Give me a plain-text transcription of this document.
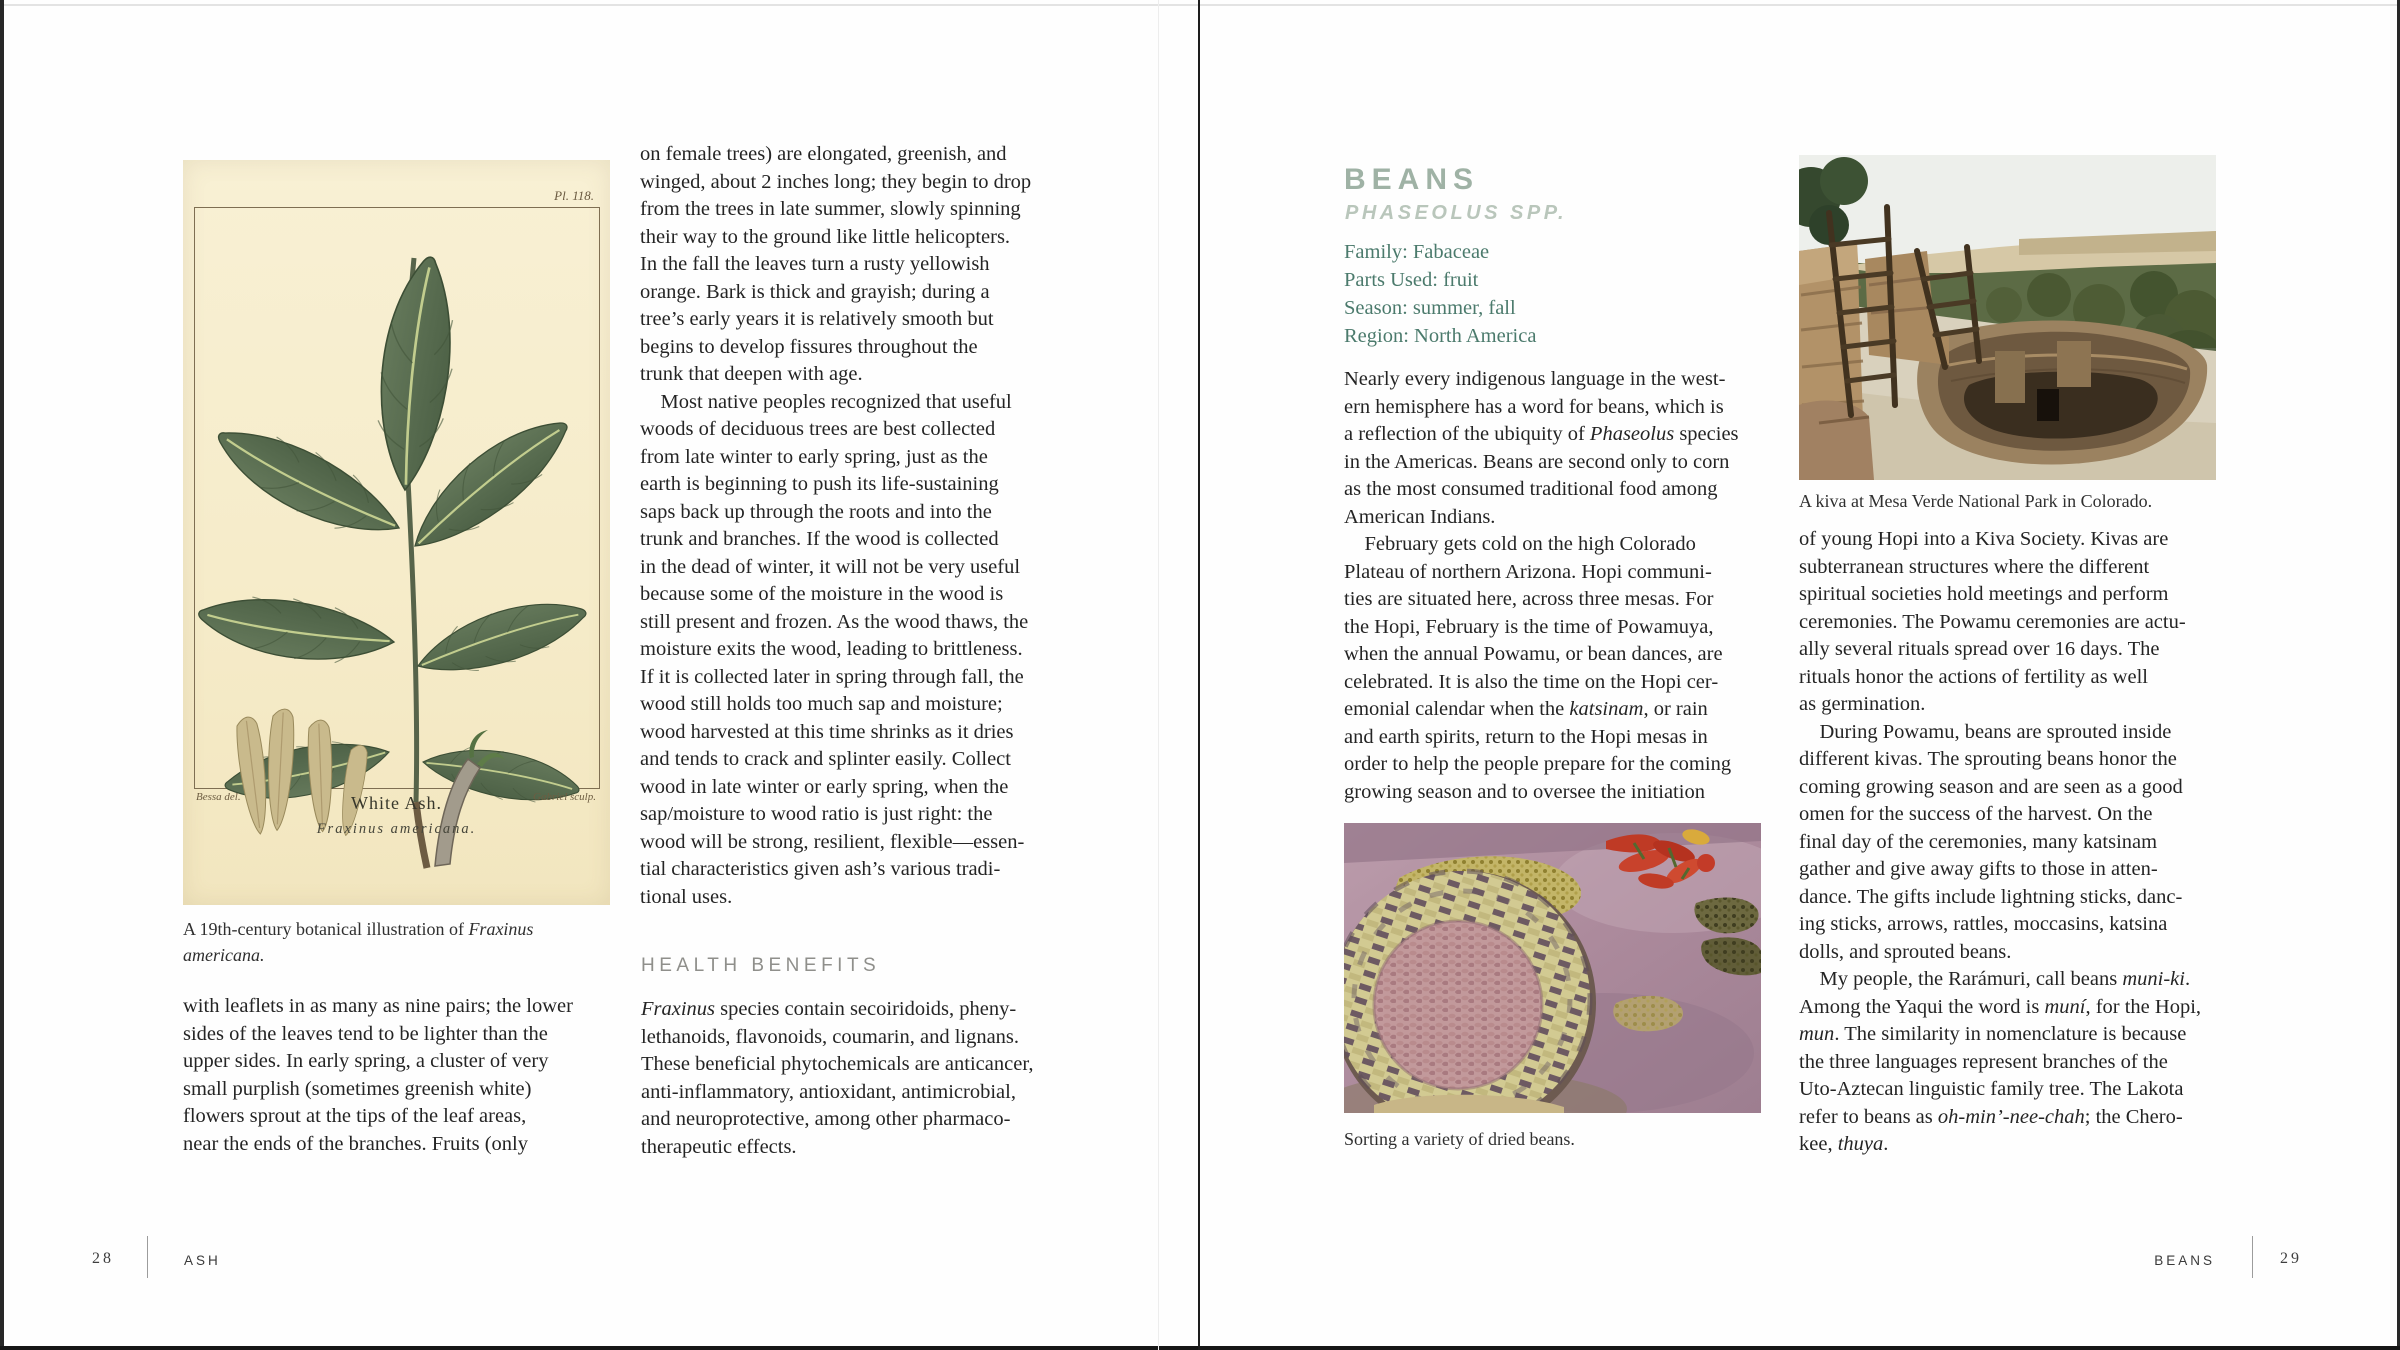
Pl. 118.
Bessa del.	Gabriel sculp.
White Ash.
Fraxinus americana.
A 19th-century botanical illustration of Fraxinus
americana.
with leaflets in as many as nine pairs; the lower
sides of the leaves tend to be lighter than the
upper sides. In early spring, a cluster of very
small purplish (sometimes greenish white)
flowers sprout at the tips of the leaf areas,
near the ends of the branches. Fruits (only
on female trees) are elongated, greenish, and
winged, about 2 inches long; they begin to drop
from the trees in late summer, slowly spinning
their way to the ground like little helicopters.
In the fall the leaves turn a rusty yellowish
orange. Bark is thick and grayish; during a
tree’s early years it is relatively smooth but
begins to develop fissures throughout the
trunk that deepen with age.
 Most native peoples recognized that useful
woods of deciduous trees are best collected
from late winter to early spring, just as the
earth is beginning to push its life-sustaining
saps back up through the roots and into the
trunk and branches. If the wood is collected
in the dead of winter, it will not be very useful
because some of the moisture in the wood is
still present and frozen. As the wood thaws, the
moisture exits the wood, leading to brittleness.
If it is collected later in spring through fall, the
wood still holds too much sap and moisture;
wood harvested at this time shrinks as it dries
and tends to crack and splinter easily. Collect
wood in late winter or early spring, when the
sap/moisture to wood ratio is just right: the
wood will be strong, resilient, flexible—essen-
tial characteristics given ash’s various tradi-
tional uses.
HEALTH BENEFITS
Fraxinus species contain secoiridoids, pheny-
lethanoids, flavonoids, coumarin, and lignans.
These beneficial phytochemicals are anticancer,
anti-inflammatory, antioxidant, antimicrobial,
and neuroprotective, among other pharmaco-
therapeutic effects.
28	ASH
BEANS
PHASEOLUS SPP.
Family: Fabaceae
Parts Used: fruit
Season: summer, fall
Region: North America
Nearly every indigenous language in the west-
ern hemisphere has a word for beans, which is
a reflection of the ubiquity of Phaseolus species
in the Americas. Beans are second only to corn
as the most consumed traditional food among
American Indians.
 February gets cold on the high Colorado
Plateau of northern Arizona. Hopi communi-
ties are situated here, across three mesas. For
the Hopi, February is the time of Powamuya,
when the annual Powamu, or bean dances, are
celebrated. It is also the time on the Hopi cer-
emonial calendar when the katsinam, or rain
and earth spirits, return to the Hopi mesas in
order to help the people prepare for the coming
growing season and to oversee the initiation
A kiva at Mesa Verde National Park in Colorado.
of young Hopi into a Kiva Society. Kivas are
subterranean structures where the different
spiritual societies hold meetings and perform
ceremonies. The Powamu ceremonies are actu-
ally several rituals spread over 16 days. The
rituals honor the actions of fertility as well
as germination.
 During Powamu, beans are sprouted inside
different kivas. The sprouting beans honor the
coming growing season and are seen as a good
omen for the success of the harvest. On the
final day of the ceremonies, many katsinam
gather and give away gifts to those in atten-
dance. The gifts include lightning sticks, danc-
ing sticks, arrows, rattles, moccasins, katsina
dolls, and sprouted beans.
 My people, the Rarámuri, call beans muni-ki.
Among the Yaqui the word is muní, for the Hopi,
mun. The similarity in nomenclature is because
the three languages represent branches of the
Uto-Aztecan linguistic family tree. The Lakota
refer to beans as oh-min’-nee-chah; the Chero-
kee, thuya.
Sorting a variety of dried beans.
BEANS	29
